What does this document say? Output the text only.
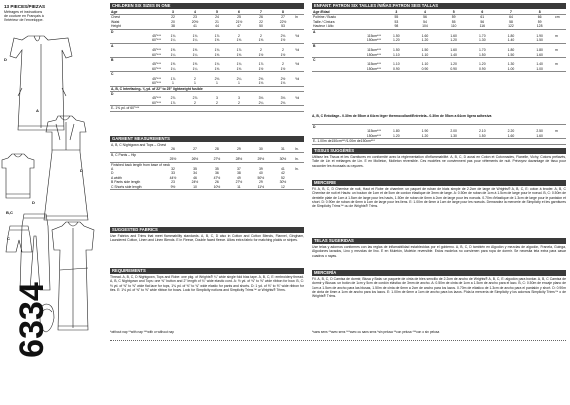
13 PIECES/PIEZAS
Métrages et instructions
de couture en Français à
l'intérieur de l'enveloppe.
D
D
A
B,C
C
D
6334
CHILDREN SIX SIZES IN ONE
Age	3	4	5	6	7	8	
Chest	22	23	24	25	26	27	In
Waist	20	20½	21	21½	22	22½	
Height	38	41	44	47	50	53	
D							
45"***	1¾	1¾	1⅞	2	2	2⅛	Yd
60"***	1¼	1¼	1⅜	1⅜	1⅜	1½	
A							
45"***	1⅝	1⅝	1¾	1⅞	2	2	Yd
60"***	1¼	1¼	1⅜	1⅜	1½	1½	
B							
45"***	1⅝	1⅝	1¾	1¾	1⅞	2	Yd
60"***	1¼	1¼	1⅜	1⅜	1½	1½	
C							
45"***	1⅞	2	2⅛	2¼	2⅜	2½	Yd
60"***	1	1	1	1	1⅛	1⅛	
A, B, C Interfacing- ⅜ yd. of 22" to 25" lightweight fusible							
D							
45"***	2⅞	2⅞	3	3	3⅛	3⅛	Yd
60"***	1⅞	2	2	2	2¼	2⅛	
E- 1⅜ yd. of 60"***							
GARMENT MEASUREMENTS
A, B, C Nightgown and Tops – Chest							
	26	27	28	29	30	31	In.
B, C Pants – Hip							
	25½	26½	27½	28½	29½	30½	In.
Finished back length from base of neck							
A	32	35	35	37	39	41	In.
D	33	34	36	38	40	42	
A width	44½	46	47½	49	50½	52	
B Pants side length	23	24½	26	27½	29	30½	
C Shorts side length	9½	10	10½	11	11½	12	
SUGGESTED FABRICS
Use Fabrics and Trims that meet flammability standards. A, B, C, D also in Cotton and Cotton Blends, Flannel, Gingham, Laundered Cotton, Linen and Linen Blends. E in Fleece, Double faced fleece. Allow extra fabric for matching plaids or stripes.
REQUIREMENTS
Thread. A, B, C, D Nightgown, Tops and Robe: one pkg. of Wrights® ¼" wide single fold bias tape. A, B, C, E: embroidery thread. A, B, C Nightgown and Tops: one ⅜" button and 2" length of ¾" wide elastic cord. A: ½ yd. of ⅜" to ⅝" wide ribbon for bow. B, C: ½ yd. of ⅜" to ⅝" wide flat lace for tops, 1¾ yd. of ⅜" to ¾" wide elastic for pants and shorts. D: 1 yd. of ⅜" to ⅝" wide ribbon for ties. E: 1⅛ yd. of ⅜" to ⅝" wide ribbon for bows. Look for Simplicity notions and Simplicity Trims™ or Wrights® Trims.
*without nap **with nap ***with or without nap
ENFANT: PATRON SIX TAILLES /NIÑAS:PATRON SEIS TALLAS
Age /Edad	3	4	5	6	7	8	
Poitrine / Busto	55	56	59	61	64	66	cm
Taille / Cintura	53	54	55	56	58	59	
Hauteur / Alto	98	104	110	116	122	128	
A							
115cm***	1.50	1.60	1.60	1.70	1.80	1.90	m
150cm***	1.20	1.20	1.20	1.30	1.40	1.50	
B							
115cm***	1.50	1.50	1.60	1.70	1.80	1.80	m
150cm***	1.10	1.10	1.40	1.50	1.50	1.60	
C							
115cm***	1.10	1.10	1.20	1.20	1.30	1.40	m
150cm***	0.90	0.90	0.90	0.90	1.00	1.00	
A, B, C Entoilage– 0.30m de 55cm à 64cm léger thermocollant/Entretela– 0.30m de 55cm a 64cm ligera adhesiva
D							
115cm***	1.80	1.90	2.00	2.10	2.20	2.50	m
150cm***	1.20	1.20	1.30	1.50	1.60	1.60	
E- 1.00m de150cm***/1.00m de150cm***							
TISSUS SUGGÉRÉS
Utilisez les Tissus et les Garnitures en conformité avec la réglementation d'inflammabilité. A, B, C, D aussi en Coton et Cotonnades, Flanelle, Vichy, Cotons prélavés, Toile de Lin et mélanges de Lin. E en Molleton, Molleton réversible. Ces modèles ne conviennent pas pour vêtements de nuit. Prévoyez davantage de tissu pour raccorder les écossais ou rayures.
MERCERIE
Fil. A, B, C, D Chemise de nuit, Haut et Robe de chambre: un paquet de ruban de biais simple de 2.2cm de large de Wrights® A, B, C, E: coton à broder. A, B, C Chemise de nuit et Hauts: un bouton de 1cm et de 5cm de cordon élastique de 3mm de large. A: 0.50m de ruban de 1cm à 1.5cm de large pour le noeud. B, C: 0.50m de dentelle plate de 1cm à 1.5cm de large pour les hauts, 1.50m de ruban de 6mm à 2cm de large pour les noeuds. 0.70m d'élastique de 1.3cm de large pour le pantalon et short. D: 0.90m de ruban de 6mm à 1cm de large pour les liens. E: 1.00m de 6mm à 1cm de large pour les noeuds. Demandez la mercerie de Simplicity et les garnitures de Simplicity Trims™ ou de Wrights® Trims.
TELAS SUGERIDAS
Use telas y adornos conformes con las reglas de inflamabilidad establecidas por el gobierno. A, B, C, D también en Algodón y mezclas de algodón, Franela, Guinga, Algodones lavados, Lino y mezclas de lino. E en Muletón, Muletón reversible. Estos modelos no convienen para ropa de dormir. Se necesita tela extra para casar cuadros o rayas.
MERCERÍA
Fil. A, B, C, D Camisa de dormir, Blusa y Bata: un paquete de cinta de bies sencillo de 2.2cm de ancho de Wrights® A, B, C, E: algodón para bordar. A, B, C Camisa de dormir y Blusas: un botón de 1cm y 5cm de cordón elástico de 3mm de ancho. A: 0.50m de cinta de 1cm a 1.5cm de ancho para el lazo. B, C: 0.50m de encaje plano de 1cm a 1.5cm de ancho para las blusas, 1.50m de cinta de 6mm a 2cm de ancho para los lazos. 0.70m de elástico de 1.3cm de ancho para el pantalón y short. D: 0.90m de cinta de 6mm a 1cm de ancho para los lazos. E: 1.00m de 6mm a 1cm de ancho para los lazos. Pida la mercería de Simplicity y los adornos Simplicity Trims™ o de Wrights® Trims.
*sans sens **avec sens ***avec ou sans sens *sin pelusa **con pelusa ***con o sin pelusa
